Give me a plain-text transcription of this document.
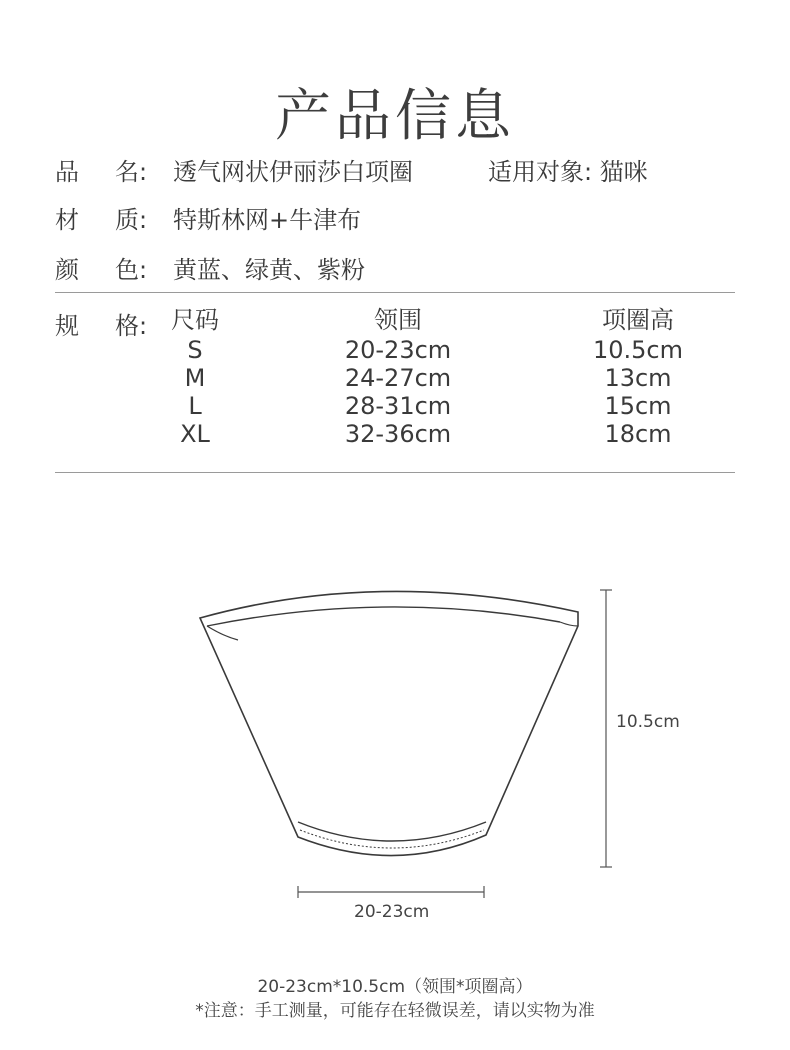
产品信息
品 名: 透气网状伊丽莎白项圈	适用对象: 猫咪
材 质: 特斯林网+牛津布
颜 色: 黄蓝、绿黄、紫粉
规 格: 尺码
S
M
L
XL
领围
20-23cm
24-27cm
28-31cm
32-36cm
项圈高
10.5cm
13cm
15cm
18cm
10.5cm
20-23cm
20-23cm*10.5cm（领围*项圈高）
*注意：手工测量，可能存在轻微误差，请以实物为准
